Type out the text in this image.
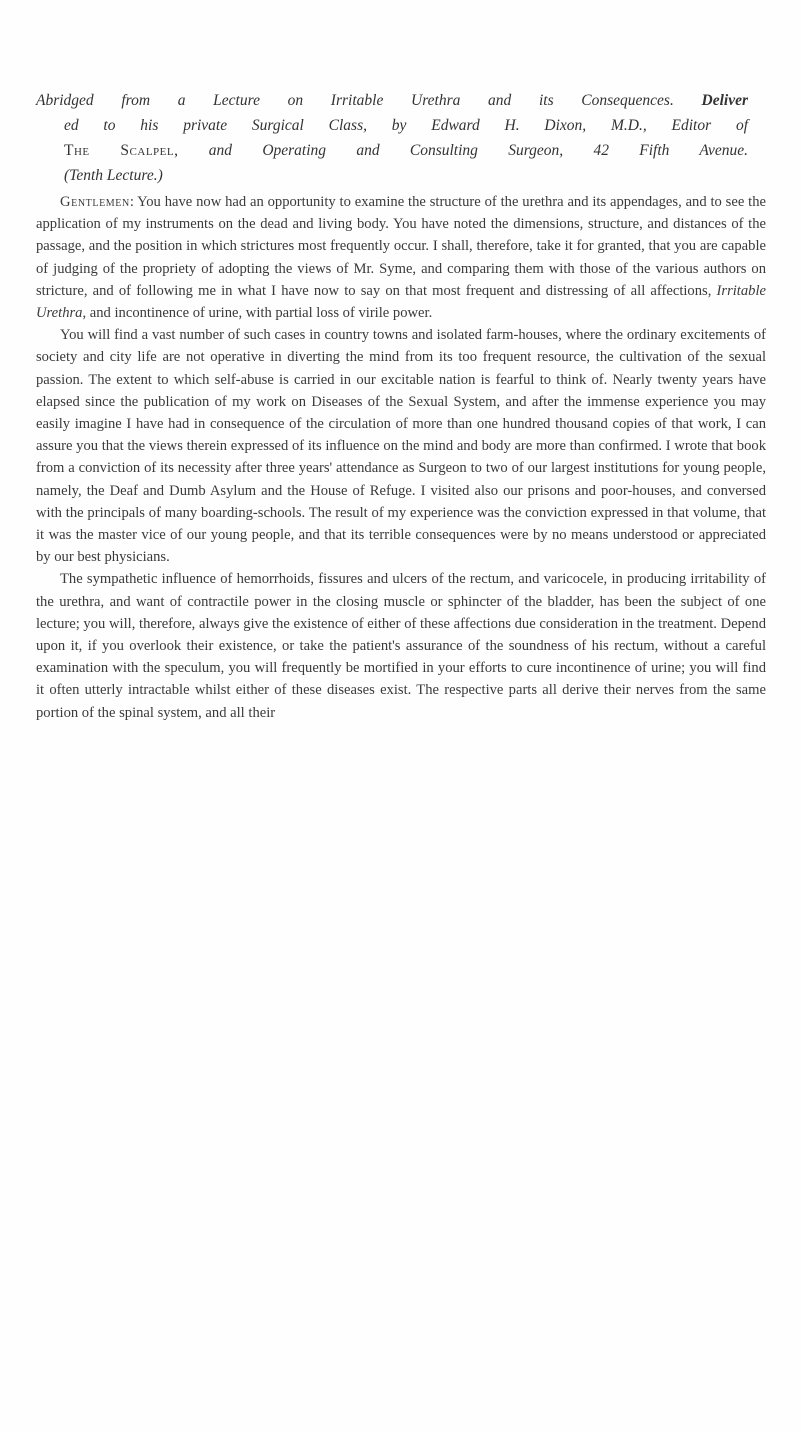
Abridged from a Lecture on Irritable Urethra and its Consequences. Deliver
ed to his private Surgical Class, by Edward H. Dixon, M.D., Editor of
The Scalpel, and Operating and Consulting Surgeon, 42 Fifth Avenue.
(Tenth Lecture.)

Gentlemen: You have now had an opportunity to examine the structure of the urethra and its appendages, and to see the application of my instruments on the dead and living body. You have noted the dimensions, structure, and distances of the passage, and the position in which strictures most frequently occur. I shall, therefore, take it for granted, that you are capable of judging of the propriety of adopting the views of Mr. Syme, and comparing them with those of the various authors on stricture, and of following me in what I have now to say on that most frequent and distressing of all affections, Irritable Urethra, and incontinence of urine, with partial loss of virile power.

You will find a vast number of such cases in country towns and isolated farm-houses, where the ordinary excitements of society and city life are not operative in diverting the mind from its too frequent resource, the cultivation of the sexual passion. The extent to which self-abuse is carried in our excitable nation is fearful to think of. Nearly twenty years have elapsed since the publication of my work on Diseases of the Sexual System, and after the immense experience you may easily imagine I have had in consequence of the circulation of more than one hundred thousand copies of that work, I can assure you that the views therein expressed of its influence on the mind and body are more than confirmed. I wrote that book from a conviction of its necessity after three years' attendance as Surgeon to two of our largest institutions for young people, namely, the Deaf and Dumb Asylum and the House of Refuge. I visited also our prisons and poor-houses, and conversed with the principals of many boarding-schools. The result of my experience was the conviction expressed in that volume, that it was the master vice of our young people, and that its terrible consequences were by no means understood or appreciated by our best physicians.

The sympathetic influence of hemorrhoids, fissures and ulcers of the rectum, and varicocele, in producing irritability of the urethra, and want of contractile power in the closing muscle or sphincter of the bladder, has been the subject of one lecture; you will, therefore, always give the existence of either of these affections due consideration in the treatment. Depend upon it, if you overlook their existence, or take the patient's assurance of the soundness of his rectum, without a careful examination with the speculum, you will frequently be mortified in your efforts to cure incontinence of urine; you will find it often utterly intractable whilst either of these diseases exist. The respective parts all derive their nerves from the same portion of the spinal system, and all their
